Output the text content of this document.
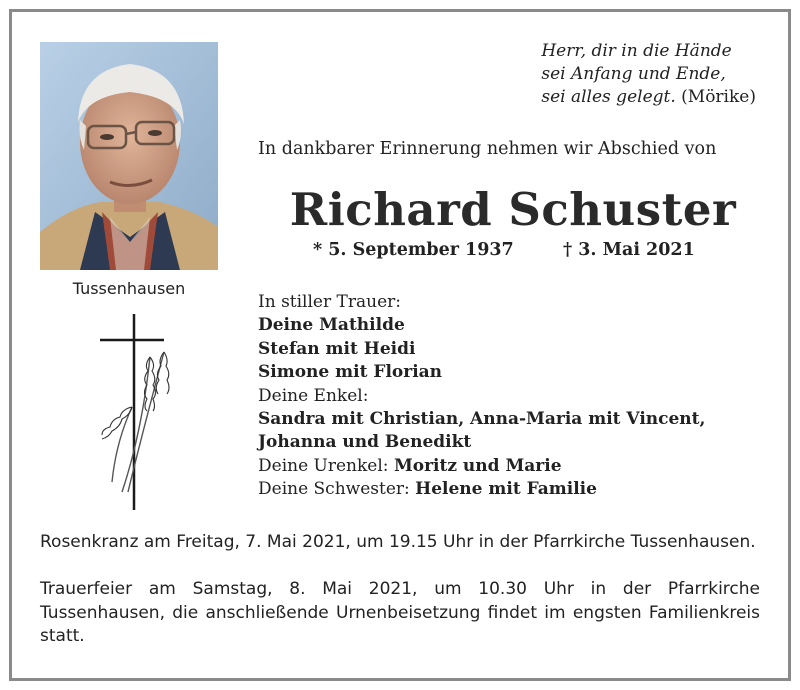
Tussenhausen
Herr, dir in die Hände
sei Anfang und Ende,
sei alles gelegt. (Mörike)
In dankbarer Erinnerung nehmen wir Abschied von
Richard Schuster
* 5. September 1937	† 3. Mai 2021
In stiller Trauer:
Deine Mathilde
Stefan mit Heidi
Simone mit Florian
Deine Enkel:
Sandra mit Christian, Anna-Maria mit Vincent,
Johanna und Benedikt
Deine Urenkel: Moritz und Marie
Deine Schwester: Helene mit Familie

Rosenkranz am Freitag, 7. Mai 2021, um 19.15 Uhr in der Pfarrkirche Tussenhausen.

Trauerfeier am Samstag, 8. Mai 2021, um 10.30 Uhr in der Pfarrkirche Tussenhausen, die anschließende Urnenbeisetzung findet im engsten Familienkreis statt.
